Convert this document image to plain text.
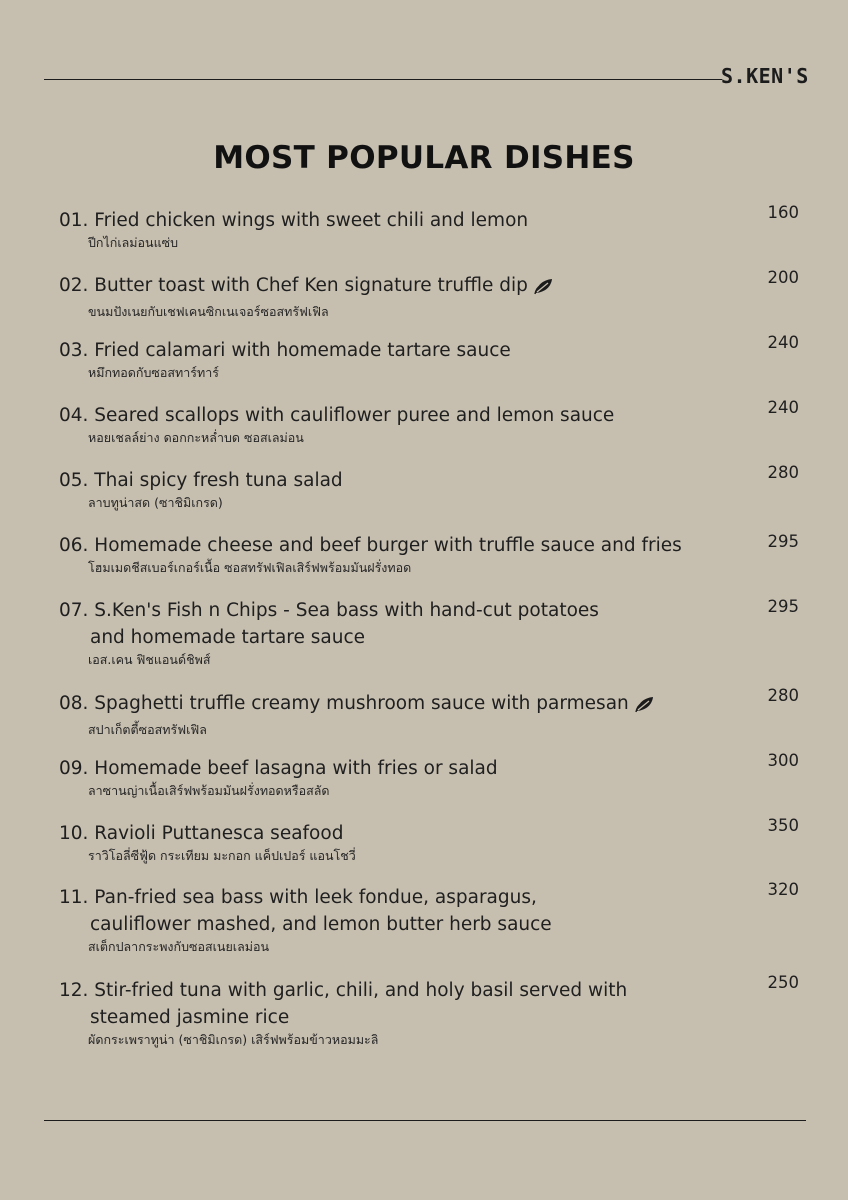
S.KEN'S
MOST POPULAR DISHES
01. Fried chicken wings with sweet chili and lemon
ปีกไก่เลม่อนแซ่บ
160
02. Butter toast with Chef Ken signature truffle dip
ขนมปังเนยกับเชฟเคนซิกเนเจอร์ซอสทรัฟเฟิล
200
03. Fried calamari with homemade tartare sauce
หมึกทอดกับซอสทาร์ทาร์
240
04. Seared scallops with cauliflower puree and lemon sauce
หอยเชลล์ย่าง ดอกกะหล่ำบด ซอสเลม่อน
240
05. Thai spicy fresh tuna salad
ลาบทูน่าสด (ซาชิมิเกรด)
280
06. Homemade cheese and beef burger with truffle sauce and fries
โฮมเมดชีสเบอร์เกอร์เนื้อ ซอสทรัฟเฟิลเสิร์ฟพร้อมมันฝรั่งทอด
295
07. S.Ken's Fish n Chips - Sea bass with hand-cut potatoes
and homemade tartare sauce
เอส.เคน ฟิชแอนด์ชิพส์
295
08. Spaghetti truffle creamy mushroom sauce with parmesan
สปาเก็ตตี้ซอสทรัฟเฟิล
280
09. Homemade beef lasagna with fries or salad
ลาซานญ่าเนื้อเสิร์ฟพร้อมมันฝรั่งทอดหรือสลัด
300
10. Ravioli Puttanesca seafood
ราวิโอลี่ซีฟู้ด กระเทียม มะกอก แค็ปเปอร์ แอนโชวี่
350
11. Pan-fried sea bass with leek fondue, asparagus,
cauliflower mashed, and lemon butter herb sauce
สเต็กปลากระพงกับซอสเนยเลม่อน
320
12. Stir-fried tuna with garlic, chili, and holy basil served with
steamed jasmine rice
ผัดกระเพราทูน่า (ซาชิมิเกรด) เสิร์ฟพร้อมข้าวหอมมะลิ
250
